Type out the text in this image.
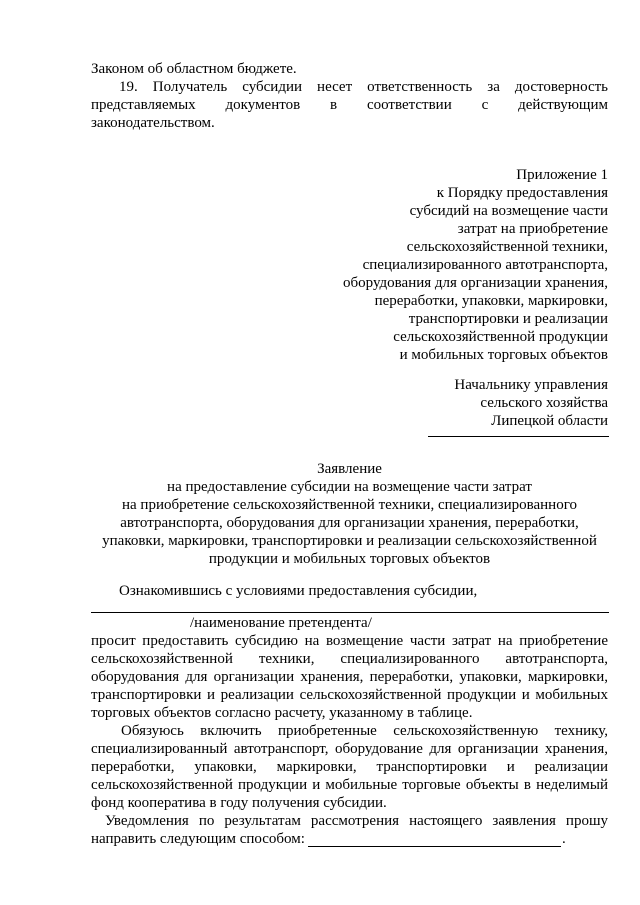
Законом об областном бюджете.
19. Получатель субсидии несет ответственность за достоверность
представляемых документов в соответствии с действующим
законодательством.
Приложение 1
к Порядку предоставления
субсидий на возмещение части
затрат на приобретение
сельскохозяйственной техники,
специализированного автотранспорта,
оборудования для организации хранения,
переработки, упаковки, маркировки,
транспортировки и реализации
сельскохозяйственной продукции
и мобильных торговых объектов
Начальнику управления
сельского хозяйства
Липецкой области
Заявление
на предоставление субсидии на возмещение части затрат
на приобретение сельскохозяйственной техники, специализированного
автотранспорта, оборудования для организации хранения, переработки,
упаковки, маркировки, транспортировки и реализации сельскохозяйственной
продукции и мобильных торговых объектов
Ознакомившись с условиями предоставления субсидии,
/наименование претендента/
просит предоставить субсидию на возмещение части затрат на приобретение
сельскохозяйственной техники, специализированного автотранспорта,
оборудования для организации хранения, переработки, упаковки, маркировки,
транспортировки и реализации сельскохозяйственной продукции и мобильных
торговых объектов согласно расчету, указанному в таблице.
Обязуюсь включить приобретенные сельскохозяйственную технику,
специализированный автотранспорт, оборудование для организации хранения,
переработки, упаковки, маркировки, транспортировки и реализации
сельскохозяйственной продукции и мобильные торговые объекты в неделимый
фонд кооператива в году получения субсидии.
Уведомления по результатам рассмотрения настоящего заявления прошу
направить следующим способом:	.
